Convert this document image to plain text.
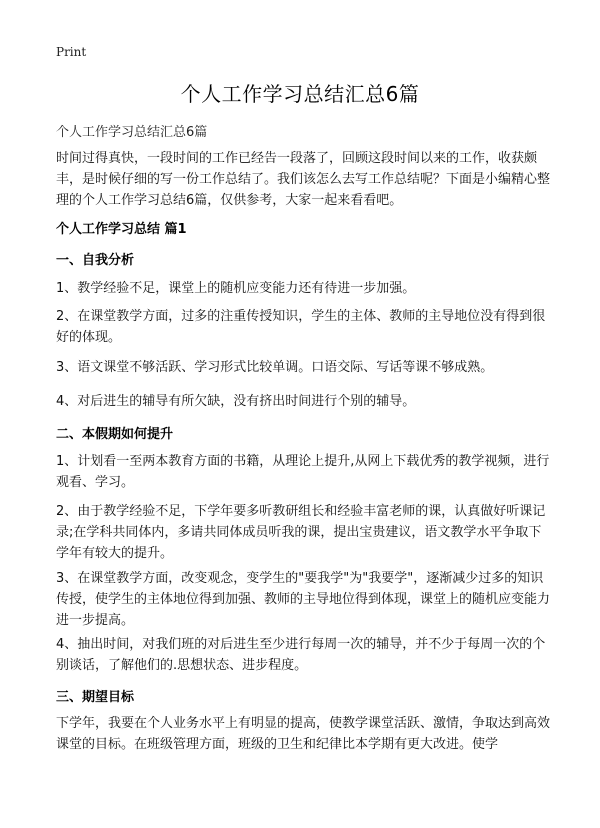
Print
个人工作学习总结汇总6篇
个人工作学习总结汇总6篇
时间过得真快，一段时间的工作已经告一段落了，回顾这段时间以来的工作，收获颇丰，是时候仔细的写一份工作总结了。我们该怎么去写工作总结呢？下面是小编精心整理的个人工作学习总结6篇，仅供参考，大家一起来看看吧。
个人工作学习总结 篇1
一、自我分析
1、教学经验不足，课堂上的随机应变能力还有待进一步加强。
2、在课堂教学方面，过多的注重传授知识，学生的主体、教师的主导地位没有得到很好的体现。
3、语文课堂不够活跃、学习形式比较单调。口语交际、写话等课不够成熟。
4、对后进生的辅导有所欠缺，没有挤出时间进行个别的辅导。
二、本假期如何提升
1、计划看一至两本教育方面的书籍，从理论上提升,从网上下载优秀的教学视频，进行观看、学习。
2、由于教学经验不足，下学年要多听教研组长和经验丰富老师的课，认真做好听课记录;在学科共同体内，多请共同体成员听我的课，提出宝贵建议，语文教学水平争取下学年有较大的提升。
3、在课堂教学方面，改变观念，变学生的"要我学"为"我要学"，逐渐减少过多的知识传授，使学生的主体地位得到加强、教师的主导地位得到体现，课堂上的随机应变能力进一步提高。
4、抽出时间，对我们班的对后进生至少进行每周一次的辅导，并不少于每周一次的个别谈话，了解他们的.思想状态、进步程度。
三、期望目标
下学年，我要在个人业务水平上有明显的提高，使教学课堂活跃、激情，争取达到高效课堂的目标。在班级管理方面，班级的卫生和纪律比本学期有更大改进。使学
